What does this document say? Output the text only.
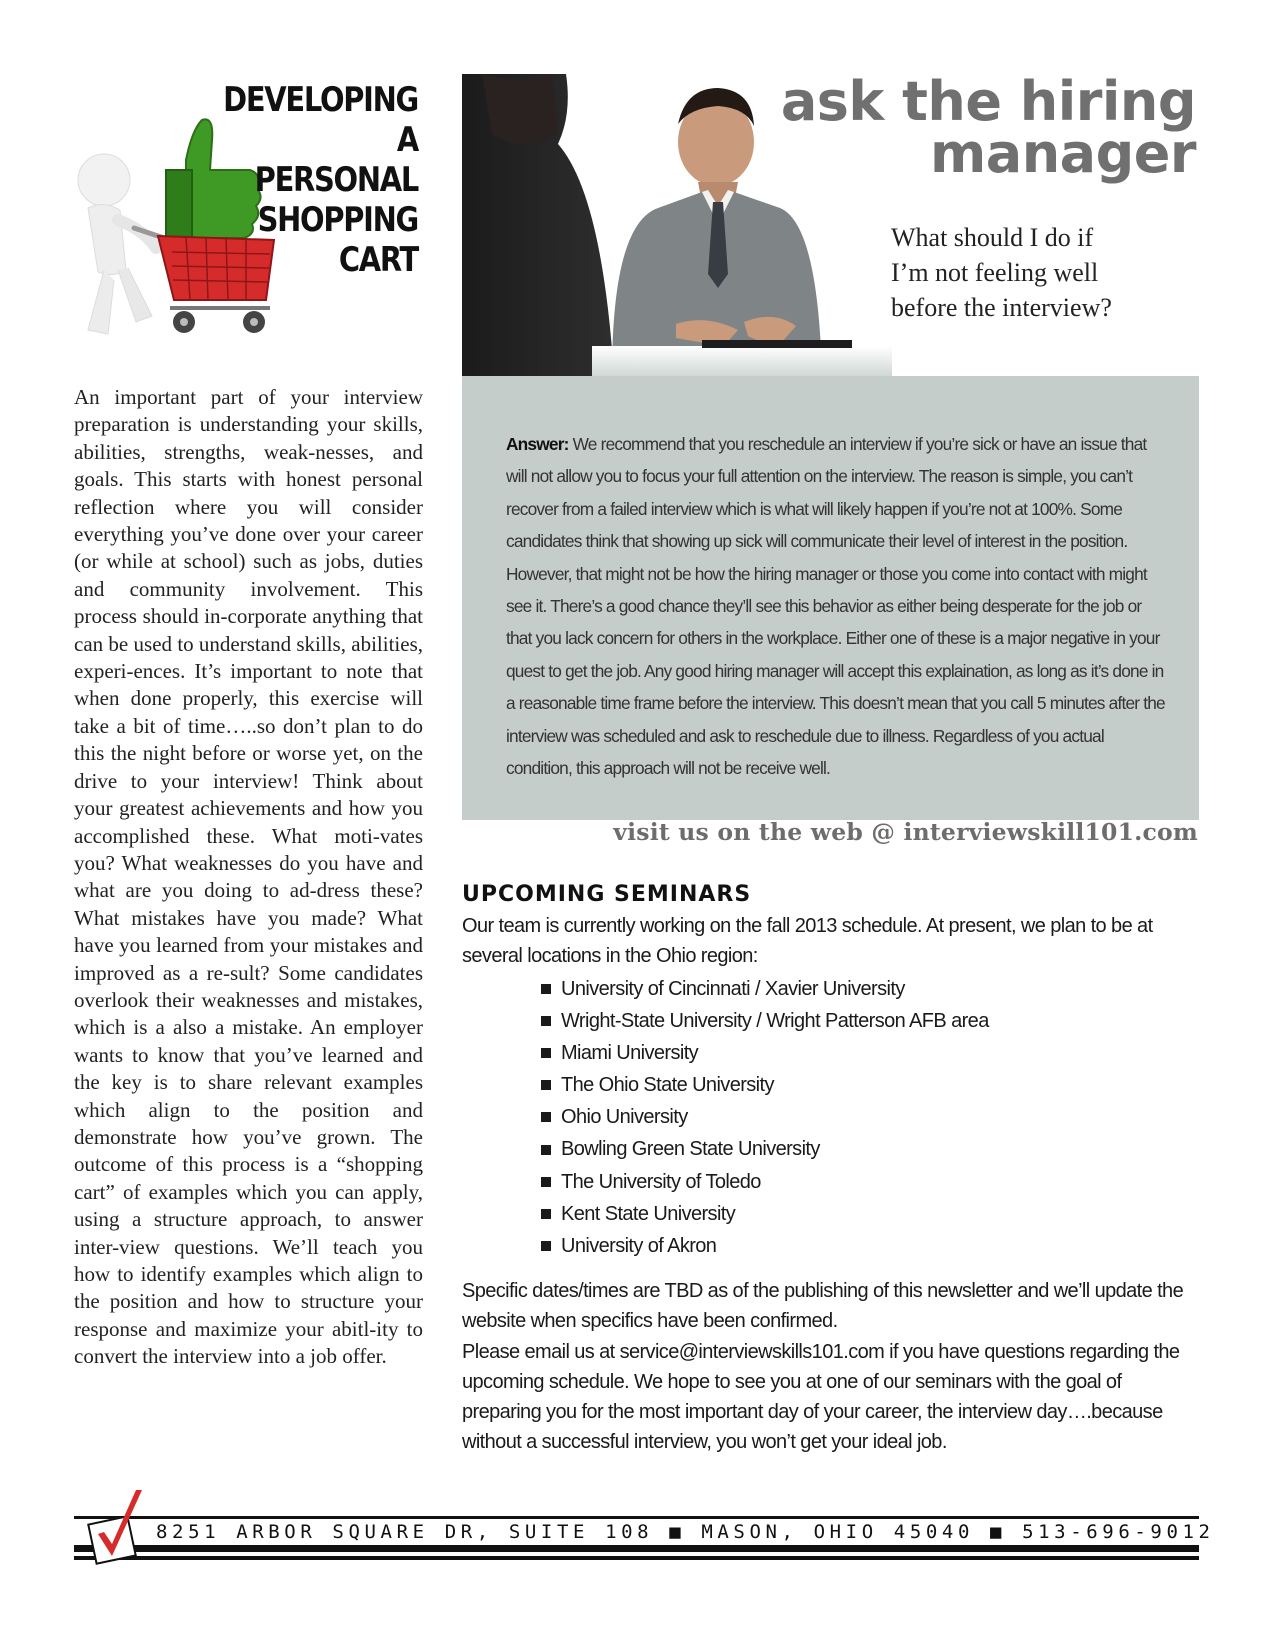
DEVELOPING A
PERSONAL
SHOPPING
CART

An important part of your interview preparation is understanding your skills, abilities, strengths, weak-nesses, and goals. This starts with honest personal reflection where you will consider everything you’ve done over your career (or while at school) such as jobs, duties and community involvement. This process should in-corporate anything that can be used to understand skills, abilities, experi-ences. It’s important to note that when done properly, this exercise will take a bit of time…..so don’t plan to do this the night before or worse yet, on the drive to your interview! Think about your greatest achievements and how you accomplished these. What moti-vates you? What weaknesses do you have and what are you doing to ad-dress these? What mistakes have you made? What have you learned from your mistakes and improved as a re-sult? Some candidates overlook their weaknesses and mistakes, which is a also a mistake. An employer wants to know that you’ve learned and the key is to share relevant examples which align to the position and demonstrate how you’ve grown. The outcome of this process is a “shopping cart” of examples which you can apply, using a structure approach, to answer inter-view questions. We’ll teach you how to identify examples which align to the position and how to structure your response and maximize your abitl-ity to convert the interview into a job offer.

ask the hiring
manager
What should I do if
I’m not feeling well
before the interview?
Answer: We recommend that you reschedule an interview if you’re sick or have an issue that will not allow you to focus your full attention on the interview. The reason is simple, you can’t recover from a failed interview which is what will likely happen if you’re not at 100%. Some candidates think that showing up sick will communicate their level of interest in the position. However, that might not be how the hiring manager or those you come into contact with might see it. There’s a good chance they’ll see this behavior as either being desperate for the job or that you lack concern for others in the workplace. Either one of these is a major negative in your quest to get the job. Any good hiring manager will accept this explaination, as long as it’s done in a reasonable time frame before the interview. This doesn’t mean that you call 5 minutes after the interview was scheduled and ask to reschedule due to illness. Regardless of you actual condition, this approach will not be receive well.
visit us on the web @ interviewskill101.com
UPCOMING SEMINARS

Our team is currently working on the fall 2013 schedule. At present, we plan to be at several locations in the Ohio region:

University of Cincinnati / Xavier University
Wright-State University / Wright Patterson AFB area
Miami University
The Ohio State University
Ohio University
Bowling Green State University
The University of Toledo
Kent State University
University of Akron

Specific dates/times are TBD as of the publishing of this newsletter and we’ll update the website when specifics have been confirmed.

Please email us at service@interviewskills101.com if you have questions regarding the upcoming schedule. We hope to see you at one of our seminars with the goal of preparing you for the most important day of your career, the interview day….because without a successful interview, you won’t get your ideal job.

8251 ARBOR SQUARE DR, SUITE 108 ■ MASON, OHIO 45040 ■ 513-696-9012
